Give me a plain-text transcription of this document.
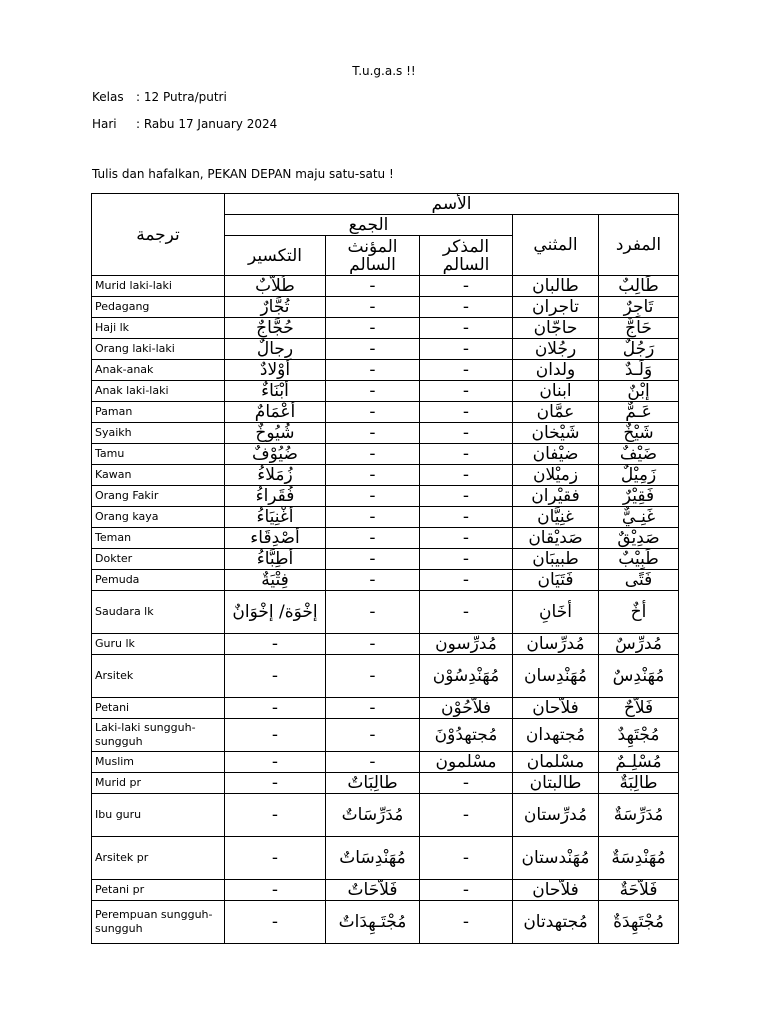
T.u.g.a.s !!
Kelas : 12 Putra/putri
Hari : Rabu 17 January 2024
Tulis dan hafalkan, PEKAN DEPAN maju satu-satu !
ترجمة	الأسم				
	الجمع			المثني	المفرد
	التكسير	المؤنث السالم	المذكر السالم		
Murid laki-laki	طُلاَّبٌ	-	-	طالبان	طَالِبٌ
Pedagang	تُجَّارٌ	-	-	تاجران	تَاجِرٌ
Haji lk	حُجَّاجٌ	-	-	حاجّان	حَاجٌّ
Orang laki-laki	رِجالٌ	-	-	رجُلان	رَجُلٌ
Anak-anak	أوْلادٌ	-	-	ولدان	وَلَـدٌ
Anak laki-laki	أبْنَاءٌ	-	-	ابنان	إبْنٌ
Paman	أعْمَامٌ	-	-	عمَّان	عَـمٌّ
Syaikh	شُيُوخٌ	-	-	شَيْخان	شَيْخٌ
Tamu	ضُيُوْفٌ	-	-	ضيْفان	ضَيْفٌ
Kawan	زُمَلاءُ	-	-	زميْلان	زَمِيْلٌ
Orang Fakir	فُقَراءُ	-	-	فقيْران	فَقِيْرٌ
Orang kaya	أغْنِيَاءُ	-	-	غنِيَّان	غَنِـيٌّ
Teman	أصْدِقَاء	-	-	صَديْقان	صَدِيْقٌ
Dokter	أطِبَّاءُ	-	-	طبيبَان	طَبِيْبٌ
Pemuda	فِتْيَةٌ	-	-	فَتَيَان	فَتًى
Saudara lk	إخْوَة/ إخْوَانٌ	-	-	أخَانِ	أخٌ
Guru lk	-	-	مُدرِّسون	مُدرِّسان	مُدرِّسٌ
Arsitek	-	-	مُهَنْدِسُوْن	مُهَنْدِسان	مُهَنْدِسٌ
Petani	-	-	فلاَّحُوْن	فلاَّحان	فَلاَّحٌ
Laki-laki sungguh-sungguh	-	-	مُجتهدُوْنَ	مُجتهدان	مُجْتَهِدٌ
Muslim	-	-	مسْلمون	مسْلمان	مُسْلِـمٌ
Murid pr	-	طالِبَاتٌ	-	طالبتان	طالِبَةٌ
Ibu guru	-	مُدَرِّسَاتٌ	-	مُدرِّستان	مُدَرِّسَةٌ
Arsitek pr	-	مُهَنْدِسَاتٌ	-	مُهَنْدستان	مُهَنْدِسَةٌ
Petani pr	-	فَلاَّحَاتٌ	-	فلاَّحان	فَلاَّحَةٌ
Perempuan sungguh-sungguh	-	مُجْتَـهِدَاتٌ	-	مُجتهدتان	مُجْتَهِدَةٌ
